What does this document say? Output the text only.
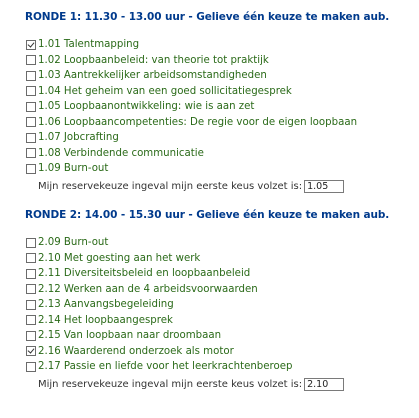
RONDE 1: 11.30 - 13.00 uur - Gelieve één keuze te maken aub.
1.01 Talentmapping
1.02 Loopbaanbeleid: van theorie tot praktijk
1.03 Aantrekkelijker arbeidsomstandigheden
1.04 Het geheim van een goed sollicitatiegesprek
1.05 Loopbaanontwikkeling: wie is aan zet
1.06 Loopbaancompetenties: De regie voor de eigen loopbaan
1.07 Jobcrafting
1.08 Verbindende communicatie
1.09 Burn-out
Mijn reservekeuze ingeval mijn eerste keus volzet is:
1.05
RONDE 2: 14.00 - 15.30 uur - Gelieve één keuze te maken aub.
2.09 Burn-out
2.10 Met goesting aan het werk
2.11 Diversiteitsbeleid en loopbaanbeleid
2.12 Werken aan de 4 arbeidsvoorwaarden
2.13 Aanvangsbegeleiding
2.14 Het loopbaangesprek
2.15 Van loopbaan naar droombaan
2.16 Waarderend onderzoek als motor
2.17 Passie en liefde voor het leerkrachtenberoep
Mijn reservekeuze ingeval mijn eerste keus volzet is:
2.10
